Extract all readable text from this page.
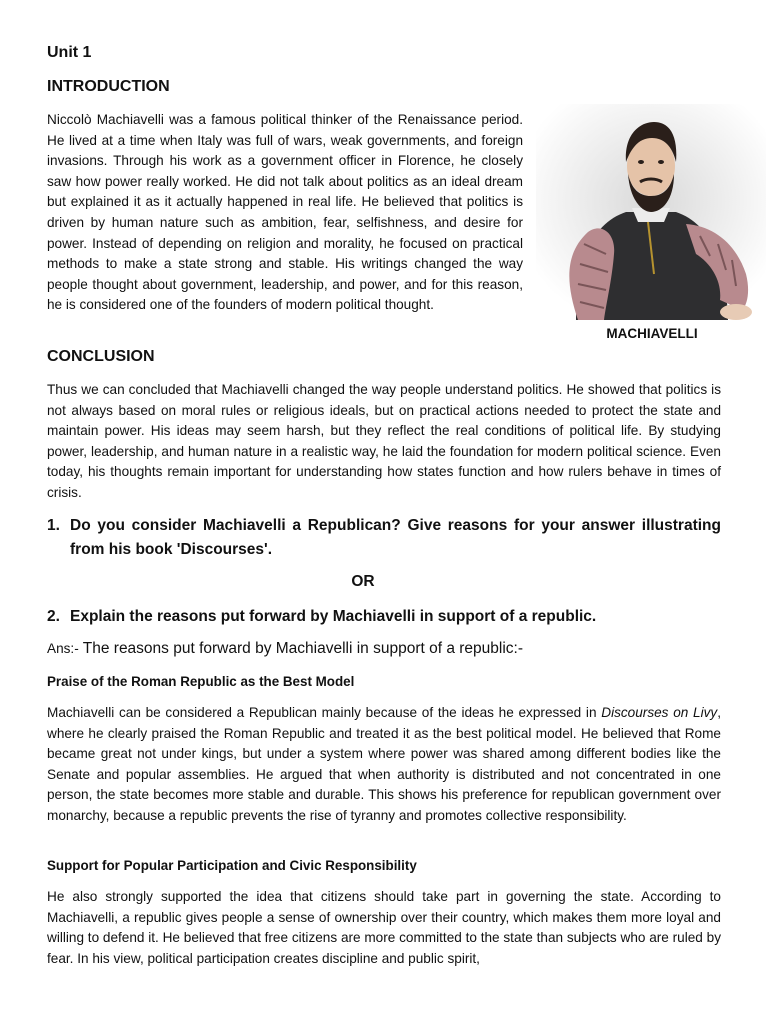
Unit 1
INTRODUCTION

Niccolò Machiavelli was a famous political thinker of the Renaissance period. He lived at a time when Italy was full of wars, weak governments, and foreign invasions. Through his work as a government officer in Florence, he closely saw how power really worked. He did not talk about politics as an ideal dream but explained it as it actually happened in real life. He believed that politics is driven by human nature such as ambition, fear, selfishness, and desire for power. Instead of depending on religion and morality, he focused on practical methods to make a state strong and stable. His writings changed the way people thought about government, leadership, and power, and for this reason, he is considered one of the founders of modern political thought.

MACHIAVELLI
CONCLUSION

Thus we can concluded that Machiavelli changed the way people understand politics. He showed that politics is not always based on moral rules or religious ideals, but on practical actions needed to protect the state and maintain power. His ideas may seem harsh, but they reflect the real conditions of political life. By studying power, leadership, and human nature in a realistic way, he laid the foundation for modern political science. Even today, his thoughts remain important for understanding how states function and how rulers behave in times of crisis.

1. Do you consider Machiavelli a Republican? Give reasons for your answer illustrating from his book 'Discourses'.
OR
2. Explain the reasons put forward by Machiavelli in support of a republic.
Ans:- The reasons put forward by Machiavelli in support of a republic:-
Praise of the Roman Republic as the Best Model

Machiavelli can be considered a Republican mainly because of the ideas he expressed in Discourses on Livy, where he clearly praised the Roman Republic and treated it as the best political model. He believed that Rome became great not under kings, but under a system where power was shared among different bodies like the Senate and popular assemblies. He argued that when authority is distributed and not concentrated in one person, the state becomes more stable and durable. This shows his preference for republican government over monarchy, because a republic prevents the rise of tyranny and promotes collective responsibility.

Support for Popular Participation and Civic Responsibility

He also strongly supported the idea that citizens should take part in governing the state. According to Machiavelli, a republic gives people a sense of ownership over their country, which makes them more loyal and willing to defend it. He believed that free citizens are more committed to the state than subjects who are ruled by fear. In his view, political participation creates discipline and public spirit,
